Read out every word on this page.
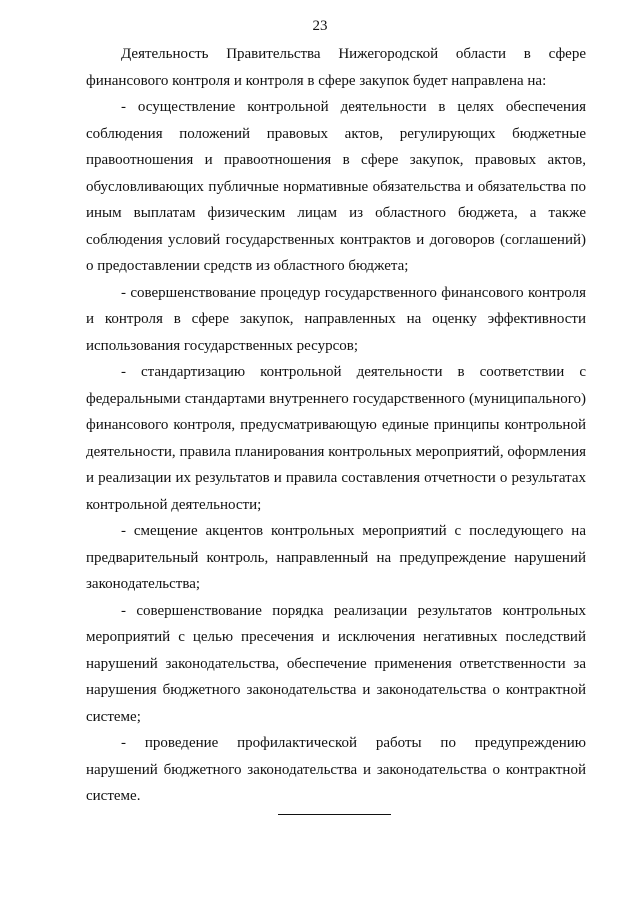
23

Деятельность Правительства Нижегородской области в сфере финансового контроля и контроля в сфере закупок будет направлена на:

- осуществление контрольной деятельности в целях обеспечения соблюдения положений правовых актов, регулирующих бюджетные правоотношения и правоотношения в сфере закупок, правовых актов, обусловливающих публичные нормативные обязательства и обязательства по иным выплатам физическим лицам из областного бюджета, а также соблюдения условий государственных контрактов и договоров (соглашений) о предоставлении средств из областного бюджета;

- совершенствование процедур государственного финансового контроля и контроля в сфере закупок, направленных на оценку эффективности использования государственных ресурсов;

- стандартизацию контрольной деятельности в соответствии с федеральными стандартами внутреннего государственного (муниципального) финансового контроля, предусматривающую единые принципы контрольной деятельности, правила планирования контрольных мероприятий, оформления и реализации их результатов и правила составления отчетности о результатах контрольной деятельности;

- смещение акцентов контрольных мероприятий с последующего на предварительный контроль, направленный на предупреждение нарушений законодательства;

- совершенствование порядка реализации результатов контрольных мероприятий с целью пресечения и исключения негативных последствий нарушений законодательства, обеспечение применения ответственности за нарушения бюджетного законодательства и законодательства о контрактной системе;

- проведение профилактической работы по предупреждению нарушений бюджетного законодательства и законодательства о контрактной системе.
